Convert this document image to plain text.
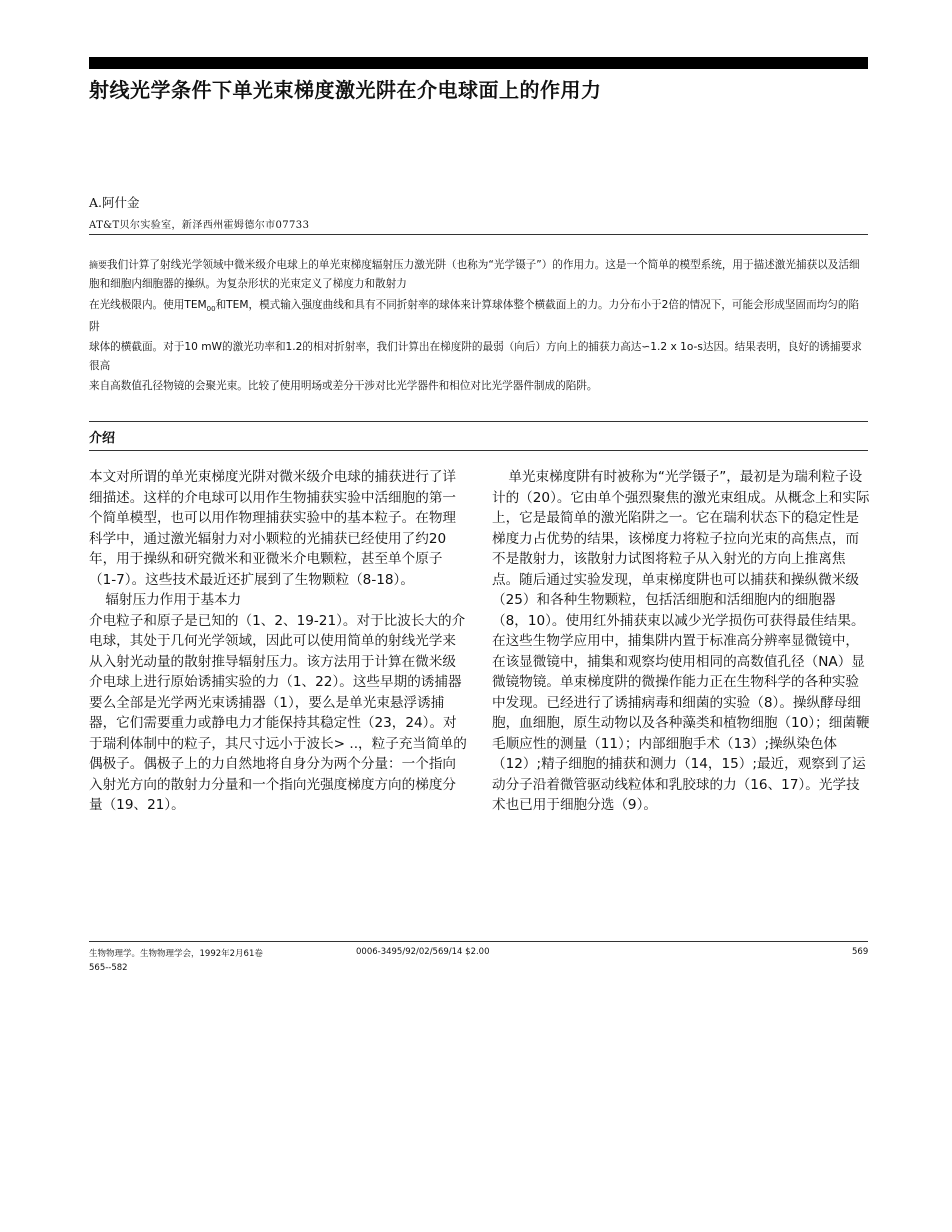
射线光学条件下单光束梯度激光阱在介电球面上的作用力
A.阿什金
AT&T贝尔实验室，新泽西州霍姆德尔市07733

摘要我们计算了射线光学领域中微米级介电球上的单光束梯度辐射压力激光阱（也称为“光学镊子”）的作用力。这是一个简单的模型系统，用于描述激光捕获以及活细胞和细胞内细胞器的操纵。为复杂形状的光束定义了梯度力和散射力

在光线极限内。使用$TEM_{00}$和TEM，模式输入强度曲线和具有不同折射率的球体来计算球体整个横截面上的力。力分布小于2倍的情况下，可能会形成坚固而均匀的陷阱

球体的横截面。对于10 mW的激光功率和1.2的相对折射率，我们计算出在梯度阱的最弱（向后）方向上的捕获力高达∽1.2 x 1o-s达因。结果表明，良好的诱捕要求很高

来自高数值孔径物镜的会聚光束。比较了使用明场或差分干涉对比光学器件和相位对比光学器件制成的陷阱。

介绍

本文对所谓的单光束梯度光阱对微米级介电球的捕获进行了详细描述。这样的介电球可以用作生物捕获实验中活细胞的第一个简单模型，也可以用作物理捕获实验中的基本粒子。在物理科学中，通过激光辐射力对小颗粒的光捕获已经使用了约20年，用于操纵和研究微米和亚微米介电颗粒，甚至单个原子（1-7）。这些技术最近还扩展到了生物颗粒（8-18）。

辐射压力作用于基本力

介电粒子和原子是已知的（1、2、19-21）。对于比波长大的介电球，其处于几何光学领域，因此可以使用简单的射线光学来从入射光动量的散射推导辐射压力。该方法用于计算在微米级介电球上进行原始诱捕实验的力（1、22）。这些早期的诱捕器要么全部是光学两光束诱捕器（1），要么是单光束悬浮诱捕器，它们需要重力或静电力才能保持其稳定性（23，24）。对于瑞利体制中的粒子，其尺寸远小于波长> ..，粒子充当简单的偶极子。偶极子上的力自然地将自身分为两个分量：一个指向入射光方向的散射力分量和一个指向光强度梯度方向的梯度分量（19、21）。

单光束梯度阱有时被称为“光学镊子”，最初是为瑞利粒子设计的（20）。它由单个强烈聚焦的激光束组成。从概念上和实际上，它是最简单的激光陷阱之一。它在瑞利状态下的稳定性是梯度力占优势的结果，该梯度力将粒子拉向光束的高焦点，而不是散射力，该散射力试图将粒子从入射光的方向上推离焦点。随后通过实验发现，单束梯度阱也可以捕获和操纵微米级（25）和各种生物颗粒，包括活细胞和活细胞内的细胞器（8，10）。使用红外捕获束以减少光学损伤可获得最佳结果。在这些生物学应用中，捕集阱内置于标准高分辨率显微镜中，在该显微镜中，捕集和观察均使用相同的高数值孔径（NA）显微镜物镜。单束梯度阱的微操作能力正在生物科学的各种实验中发现。已经进行了诱捕病毒和细菌的实验（8）。操纵酵母细胞，血细胞，原生动物以及各种藻类和植物细胞（10）；细菌鞭毛顺应性的测量（11）；内部细胞手术（13）;操纵染色体（12）;精子细胞的捕获和测力（14，15）;最近，观察到了运动分子沿着微管驱动线粒体和乳胶球的力（16、17）。光学技术也已用于细胞分选（9）。

生物物理学。生物物理学会，1992年2月61卷565--582
0006-3495/92/02/569/14 $2.00	569
